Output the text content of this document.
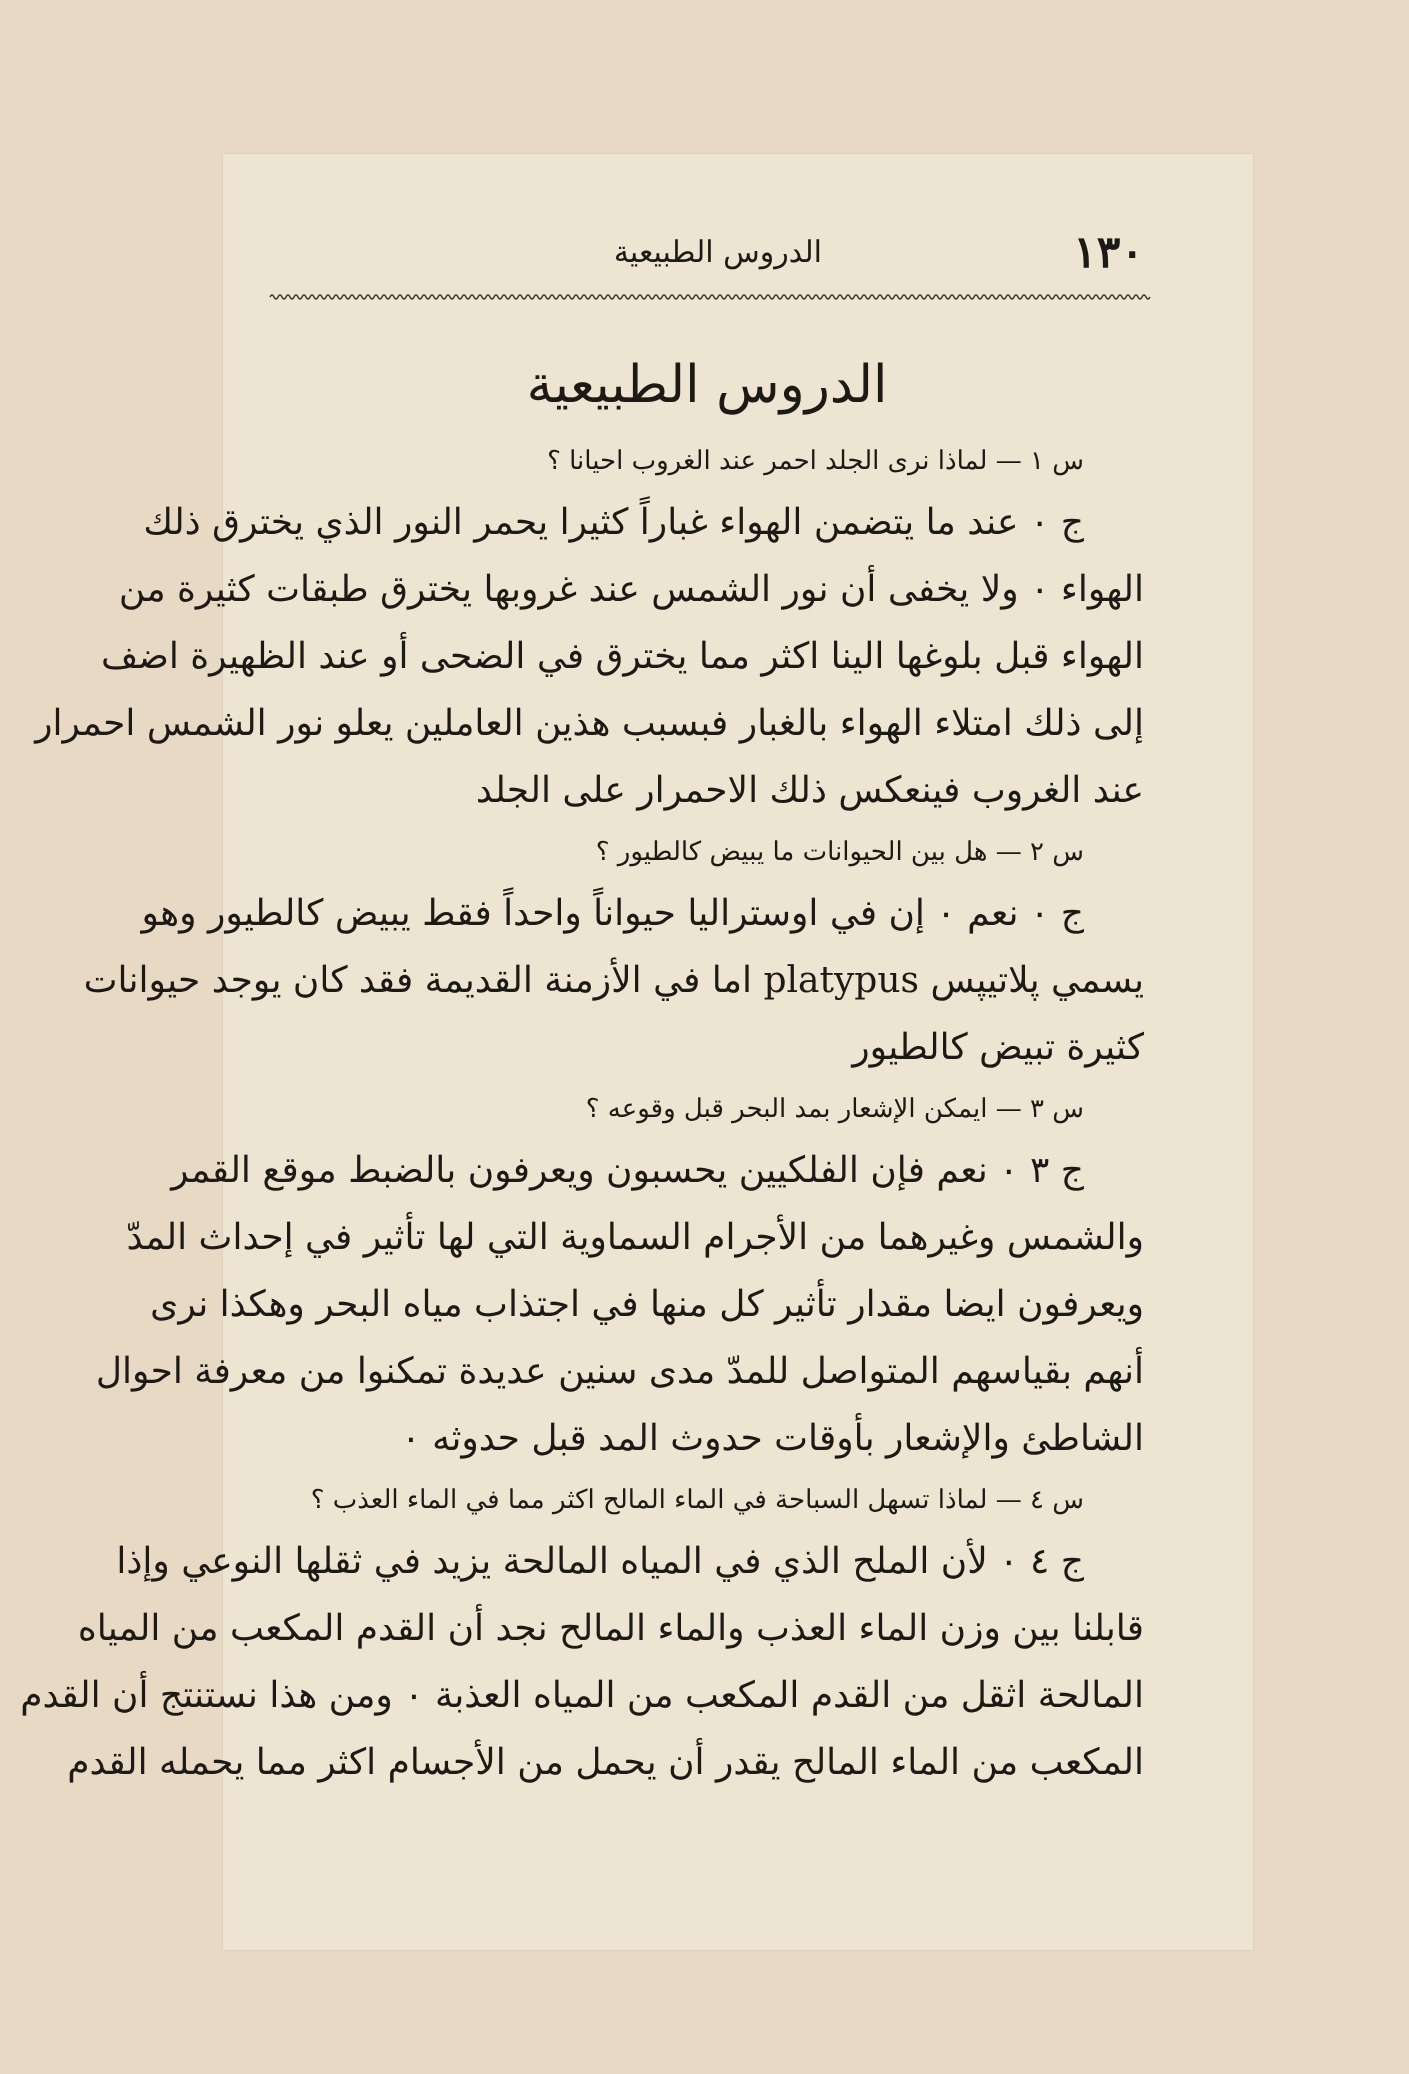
١٣٠
الدروس الطبيعية
الدروس الطبيعية
س ١ — لماذا نرى الجلد احمر عند الغروب احيانا ؟
ج ۰ عند ما يتضمن الهواء غباراً كثيرا يحمر النور الذي يخترق ذلك
الهواء ۰ ولا يخفى أن نور الشمس عند غروبها يخترق طبقات كثيرة من
الهواء قبل بلوغها الينا اكثر مما يخترق في الضحى أو عند الظهيرة اضف
إلى ذلك امتلاء الهواء بالغبار فبسبب هذين العاملين يعلو نور الشمس احمرار
عند الغروب فينعكس ذلك الاحمرار على الجلد
س ٢ — هل بين الحيوانات ما يبيض كالطيور ؟
ج ۰ نعم ۰ إن في اوستراليا حيواناً واحداً فقط يبيض كالطيور وهو
يسمي پلاتيپس platypus اما في الأزمنة القديمة فقد كان يوجد حيوانات
كثيرة تبيض كالطيور
س ٣ — ايمكن الإشعار بمد البحر قبل وقوعه ؟
ج ٣ ۰ نعم فإن الفلكيين يحسبون ويعرفون بالضبط موقع القمر
والشمس وغيرهما من الأجرام السماوية التي لها تأثير في إحداث المدّ
ويعرفون ايضا مقدار تأثير كل منها في اجتذاب مياه البحر وهكذا نرى
أنهم بقياسهم المتواصل للمدّ مدى سنين عديدة تمكنوا من معرفة احوال
الشاطئ والإشعار بأوقات حدوث المد قبل حدوثه ۰
س ٤ — لماذا تسهل السباحة في الماء المالح اكثر مما في الماء العذب ؟
ج ٤ ۰ لأن الملح الذي في المياه المالحة يزيد في ثقلها النوعي وإذا
قابلنا بين وزن الماء العذب والماء المالح نجد أن القدم المكعب من المياه
المالحة اثقل من القدم المكعب من المياه العذبة ۰ ومن هذا نستنتج أن القدم
المكعب من الماء المالح يقدر أن يحمل من الأجسام اكثر مما يحمله القدم
